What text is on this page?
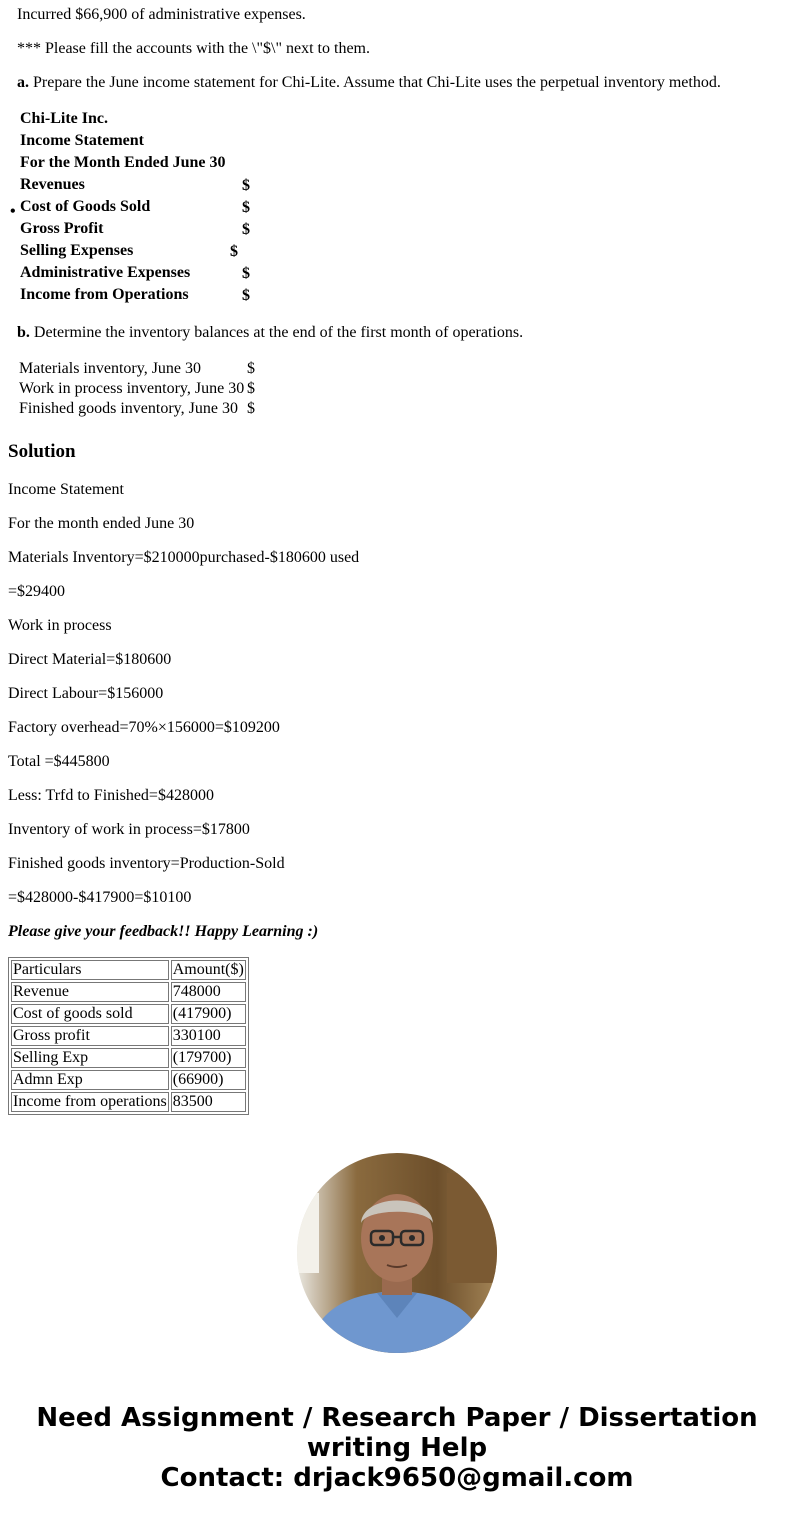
Incurred $66,900 of administrative expenses.
*** Please fill the accounts with the \"$\" next to them.
a. Prepare the June income statement for Chi-Lite. Assume that Chi-Lite uses the perpetual inventory method.
Chi-Lite Inc.
Income Statement
For the Month Ended June 30
Revenues	$
• Cost of Goods Sold	$
Gross Profit	$
Selling Expenses	$
Administrative Expenses	$
Income from Operations	$
b. Determine the inventory balances at the end of the first month of operations.
Materials inventory, June 30	$
Work in process inventory, June 30 $
Finished goods inventory, June 30 $
Solution
Income Statement
For the month ended June 30
Materials Inventory=$210000purchased-$180600 used
=$29400
Work in process
Direct Material=$180600
Direct Labour=$156000
Factory overhead=70%×156000=$109200
Total =$445800
Less: Trfd to Finished=$428000
Inventory of work in process=$17800
Finished goods inventory=Production-Sold
=$428000-$417900=$10100
Please give your feedback!! Happy Learning :)
Particulars	Amount($)
Revenue	748000
Cost of goods sold	(417900)
Gross profit	330100
Selling Exp	(179700)
Admn Exp	(66900)
Income from operations	83500
Need Assignment / Research Paper / Dissertation
writing Help
Contact: drjack9650@gmail.com
